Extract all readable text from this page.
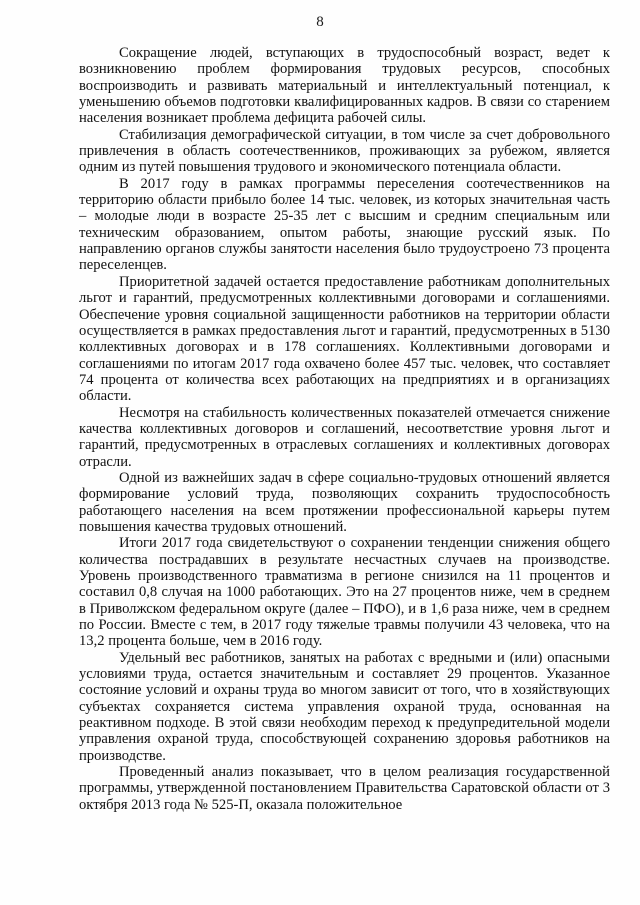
8

Сокращение людей, вступающих в трудоспособный возраст, ведет к возникновению проблем формирования трудовых ресурсов, способных воспроизводить и развивать материальный и интеллектуальный потенциал, к уменьшению объемов подготовки квалифицированных кадров. В связи со старением населения возникает проблема дефицита рабочей силы.

Стабилизация демографической ситуации, в том числе за счет добровольного привлечения в область соотечественников, проживающих за рубежом, является одним из путей повышения трудового и экономического потенциала области.

В 2017 году в рамках программы переселения соотечественников на территорию области прибыло более 14 тыс. человек, из которых значительная часть – молодые люди в возрасте 25-35 лет с высшим и средним специальным или техническим образованием, опытом работы, знающие русский язык. По направлению органов службы занятости населения было трудоустроено 73 процента переселенцев.

Приоритетной задачей остается предоставление работникам дополнительных льгот и гарантий, предусмотренных коллективными договорами и соглашениями. Обеспечение уровня социальной защищенности работников на территории области осуществляется в рамках предоставления льгот и гарантий, предусмотренных в 5130 коллективных договорах и в 178 соглашениях. Коллективными договорами и соглашениями по итогам 2017 года охвачено более 457 тыс. человек, что составляет 74 процента от количества всех работающих на предприятиях и в организациях области.

Несмотря на стабильность количественных показателей отмечается снижение качества коллективных договоров и соглашений, несоответствие уровня льгот и гарантий, предусмотренных в отраслевых соглашениях и коллективных договорах отрасли.

Одной из важнейших задач в сфере социально-трудовых отношений является формирование условий труда, позволяющих сохранить трудоспособность работающего населения на всем протяжении профессиональной карьеры путем повышения качества трудовых отношений.

Итоги 2017 года свидетельствуют о сохранении тенденции снижения общего количества пострадавших в результате несчастных случаев на производстве. Уровень производственного травматизма в регионе снизился на 11 процентов и составил 0,8 случая на 1000 работающих. Это на 27 процентов ниже, чем в среднем в Приволжском федеральном округе (далее – ПФО), и в 1,6 раза ниже, чем в среднем по России. Вместе с тем, в 2017 году тяжелые травмы получили 43 человека, что на 13,2 процента больше, чем в 2016 году.

Удельный вес работников, занятых на работах с вредными и (или) опасными условиями труда, остается значительным и составляет 29 процентов. Указанное состояние условий и охраны труда во многом зависит от того, что в хозяйствующих субъектах сохраняется система управления охраной труда, основанная на реактивном подходе. В этой связи необходим переход к предупредительной модели управления охраной труда, способствующей сохранению здоровья работников на производстве.

Проведенный анализ показывает, что в целом реализация государственной программы, утвержденной постановлением Правительства Саратовской области от 3 октября 2013 года № 525-П, оказала положительное
